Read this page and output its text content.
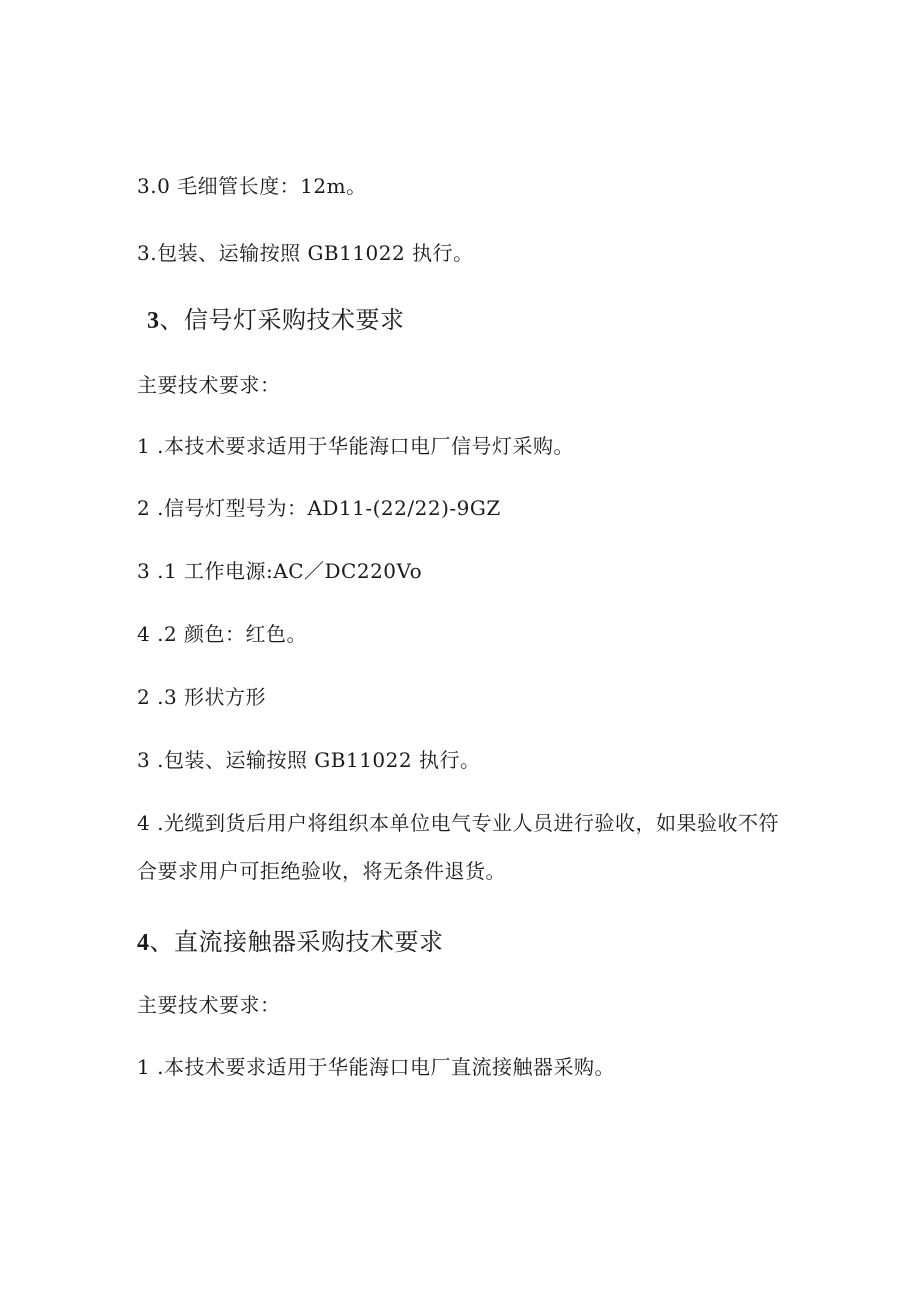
3.0 毛细管长度：12m。
3.包装、运输按照 GB11022 执行。
3、信号灯采购技术要求
主要技术要求：
1 .本技术要求适用于华能海口电厂信号灯采购。
2 .信号灯型号为：AD11-(22/22)-9GZ
3 .1 工作电源:AC／DC220Vo
4 .2 颜色：红色。
2 .3 形状方形
3 .包装、运输按照 GB11022 执行。
4 .光缆到货后用户将组织本单位电气专业人员进行验收，如果验收不符合要求用户可拒绝验收，将无条件退货。
4、直流接触器采购技术要求
主要技术要求：
1 .本技术要求适用于华能海口电厂直流接触器采购。
